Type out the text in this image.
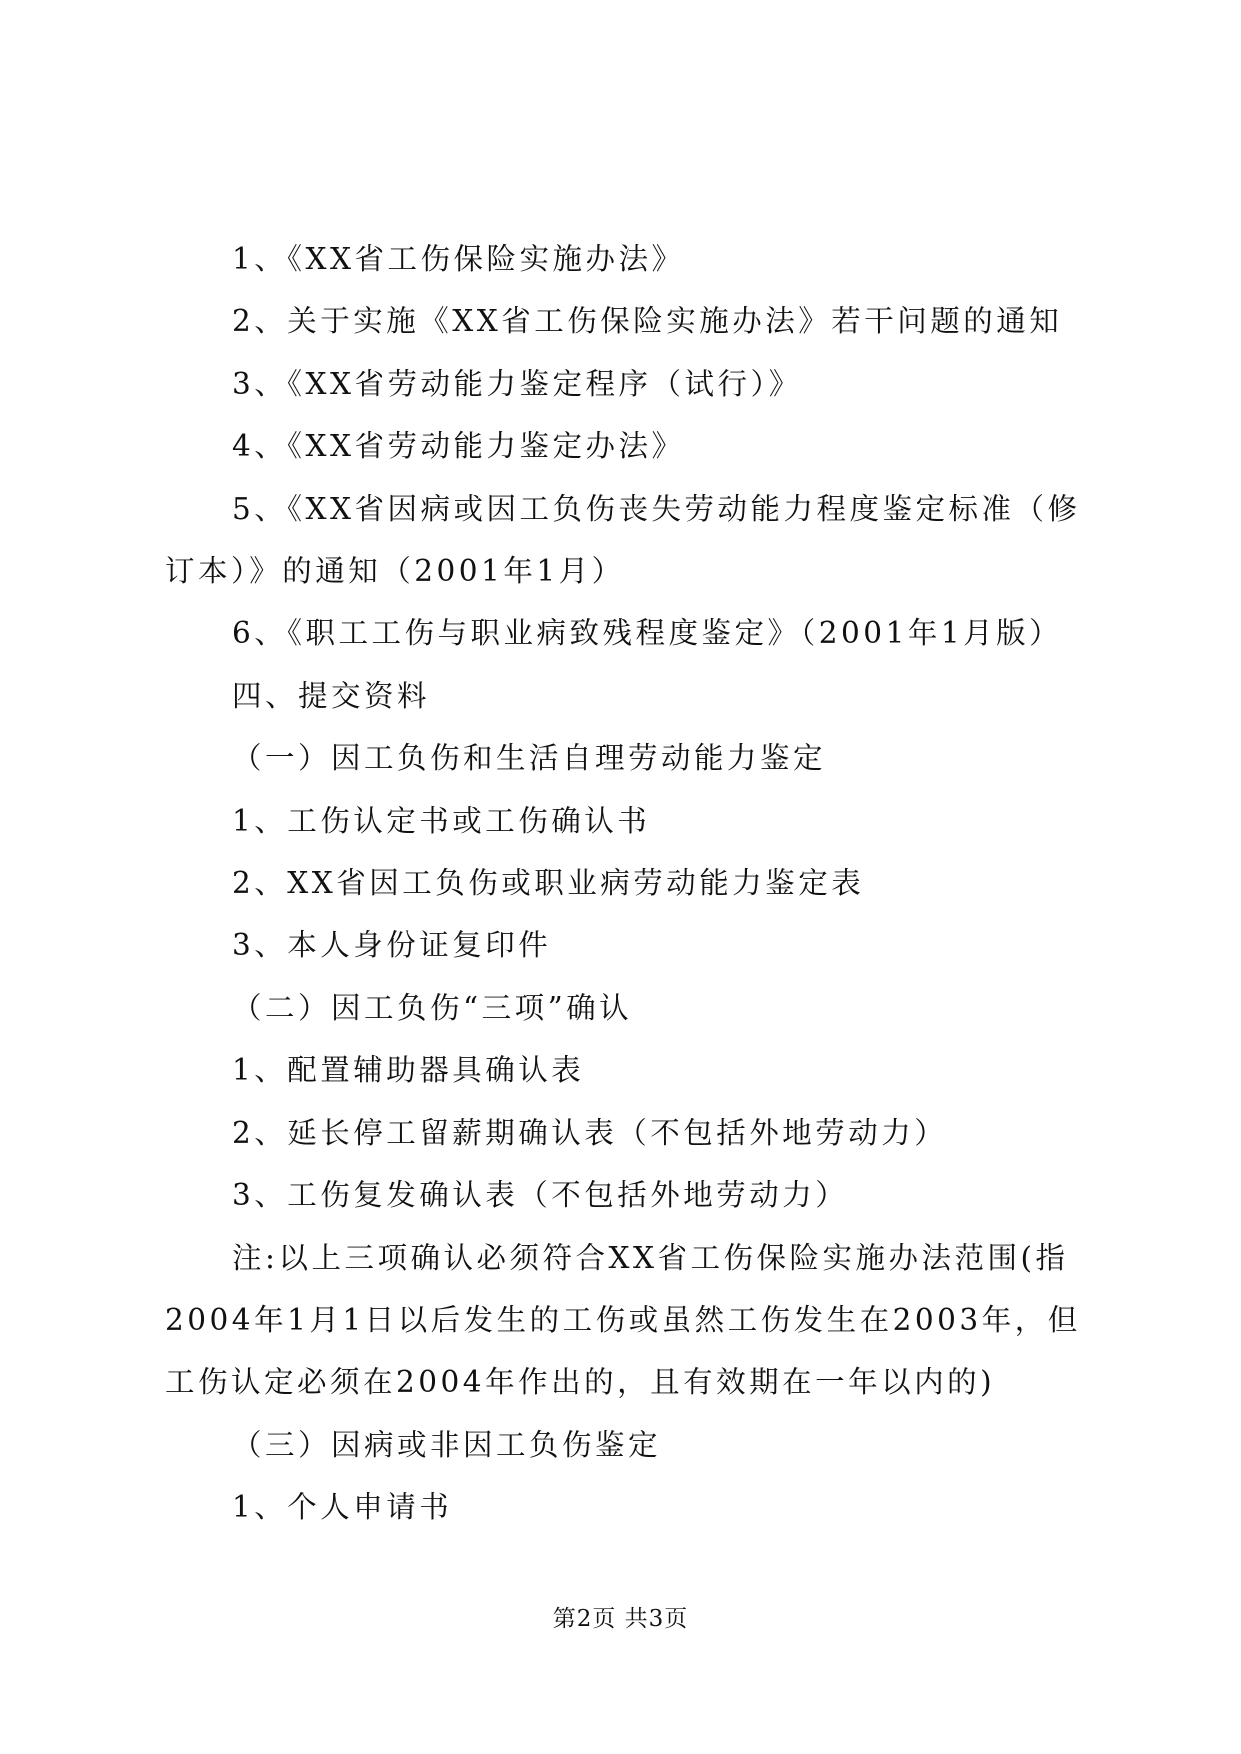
1、《XX省工伤保险实施办法》

2、关于实施《XX省工伤保险实施办法》若干问题的通知

3、《XX省劳动能力鉴定程序（试行）》

4、《XX省劳动能力鉴定办法》

5、《XX省因病或因工负伤丧失劳动能力程度鉴定标准（修订本）》的通知（2001年1月）

6、《职工工伤与职业病致残程度鉴定》（2001年1月版）

四、提交资料

（一）因工负伤和生活自理劳动能力鉴定

1、工伤认定书或工伤确认书

2、XX省因工负伤或职业病劳动能力鉴定表

3、本人身份证复印件

（二）因工负伤“三项”确认

1、配置辅助器具确认表

2、延长停工留薪期确认表（不包括外地劳动力）

3、工伤复发确认表（不包括外地劳动力）

注:以上三项确认必须符合XX省工伤保险实施办法范围(指2004年1月1日以后发生的工伤或虽然工伤发生在2003年，但工伤认定必须在2004年作出的，且有效期在一年以内的)

（三）因病或非因工负伤鉴定

1、个人申请书

第2页 共3页
